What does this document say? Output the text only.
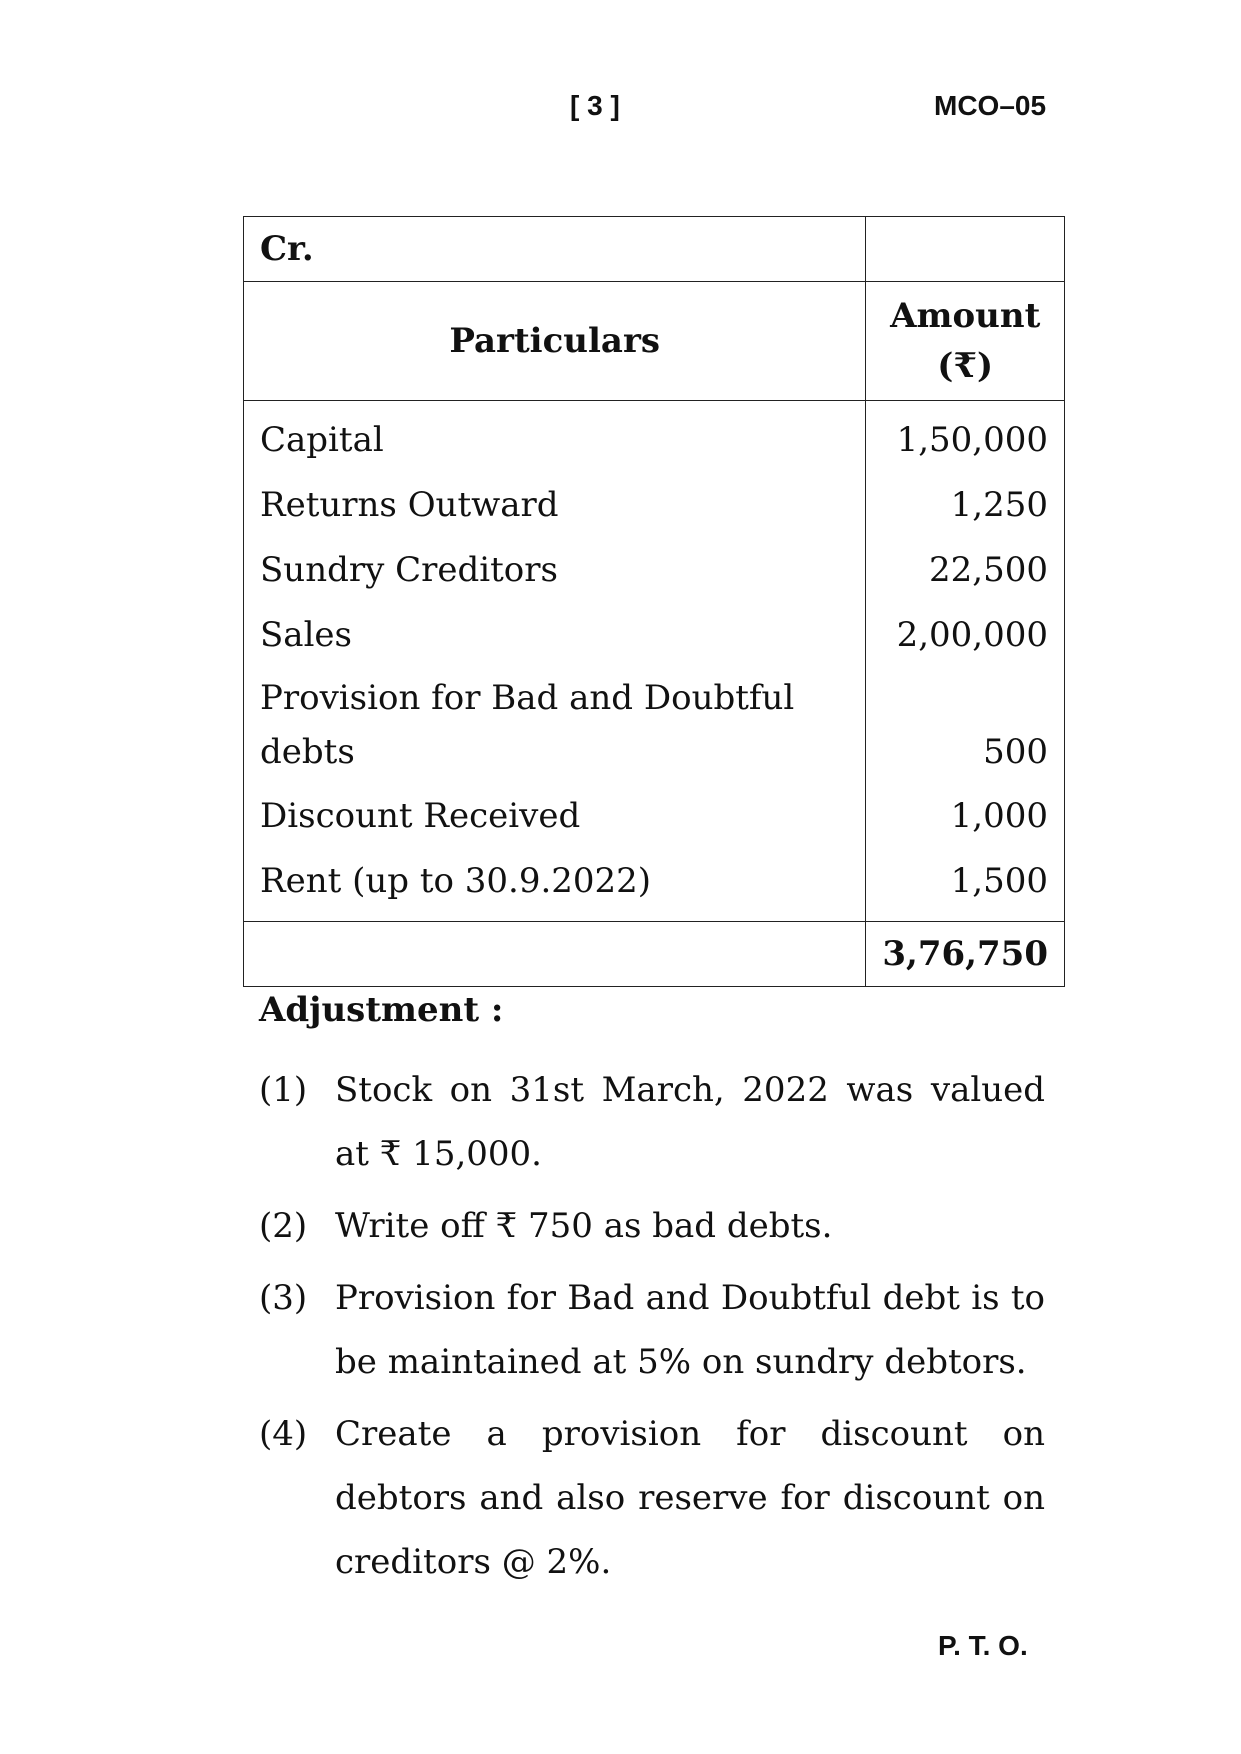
[ 3 ]	MCO–05
Cr.	
Particulars	Amount
(₹)

Capital	1,50,000
Returns Outward	1,250
Sundry Creditors	22,500
Sales	2,00,000
Provision for Bad and Doubtful debts	500
Discount Received	1,000
Rent (up to 30.9.2022)	1,500
	3,76,750
Adjustment :
(1) Stock on 31st March, 2022 was valued at ₹ 15,000.
(2) Write off ₹ 750 as bad debts.
(3) Provision for Bad and Doubtful debt is to be maintained at 5% on sundry debtors.
(4) Create a provision for discount on debtors and also reserve for discount on creditors @ 2%.
P. T. O.
